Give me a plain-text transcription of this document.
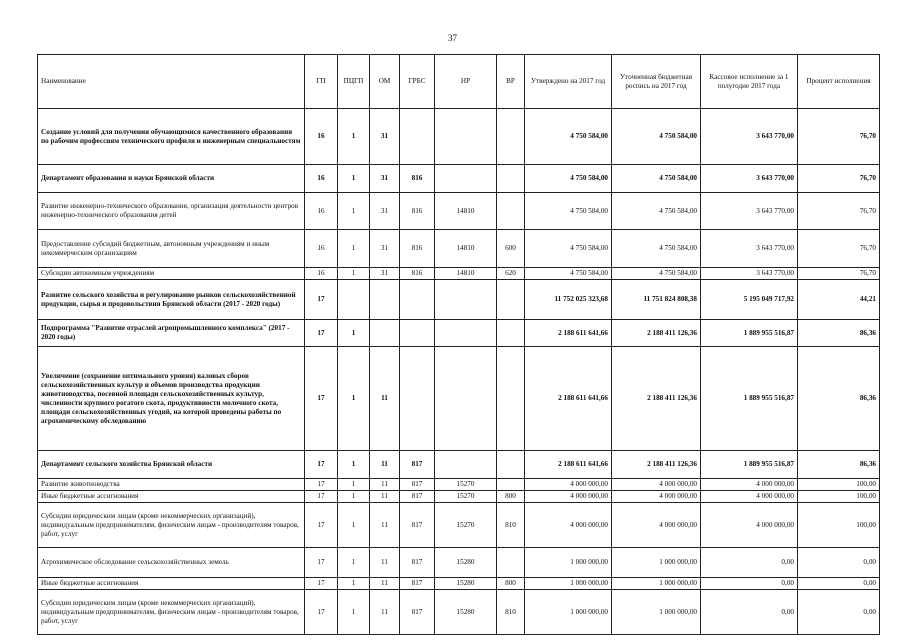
37
Наименование	ГП	ПЦГП	ОМ	ГРБС	НР	ВР	Утверждено на 2017 год	Уточненная бюджетная роспись на 2017 год	Кассовое исполнение за 1 полугодие 2017 года	Процент исполнения
Создание условий для получения обучающимися качественного образования по рабочим профессиям технического профиля и инженерным специальностям	16	1	31				4 750 584,00	4 750 584,00	3 643 770,00	76,70
Департамент образования и науки Брянской области	16	1	31	816			4 750 584,00	4 750 584,00	3 643 770,00	76,70
Развитие инженерно-технического образования, организация деятельности центров инженерно-технического образования детей	16	1	31	816	14810		4 750 584,00	4 750 584,00	3 643 770,00	76,70
Предоставление субсидий бюджетным, автономным учреждениям и иным некоммерческим организациям	16	1	31	816	14810	600	4 750 584,00	4 750 584,00	3 643 770,00	76,70
Субсидии автономным учреждениям	16	1	31	816	14810	620	4 750 584,00	4 750 584,00	3 643 770,00	76,70
Развитие сельского хозяйства и регулирование рынков сельскохозяйственной продукции, сырья и продовольствия Брянской области (2017 - 2020 годы)	17						11 752 025 323,68	11 751 824 808,38	5 195 049 717,92	44,21
Подпрограмма "Развитие отраслей агропромышленного комплекса" (2017 - 2020 годы)	17	1					2 188 611 641,66	2 188 411 126,36	1 889 955 516,87	86,36
Увеличение (сохранение оптимального уровня) валовых сборов сельскохозяйственных культур и объемов производства продукции животноводства, посевной площади сельскохозяйственных культур, численности крупного рогатого скота, продуктивности молочного скота, площади сельскохозяйственных угодий, на которой проведены работы по агрохимическому обследованию	17	1	11				2 188 611 641,66	2 188 411 126,36	1 889 955 516,87	86,36
Департамент сельского хозяйства Брянской области	17	1	11	817			2 188 611 641,66	2 188 411 126,36	1 889 955 516,87	86,36
Развитие животноводства	17	1	11	817	15270		4 000 000,00	4 000 000,00	4 000 000,00	100,00
Иные бюджетные ассигнования	17	1	11	817	15270	800	4 000 000,00	4 000 000,00	4 000 000,00	100,00
Субсидии юридическим лицам (кроме некоммерческих организаций), индивидуальным предпринимателям, физическим лицам - производителям товаров, работ, услуг	17	1	11	817	15270	810	4 000 000,00	4 000 000,00	4 000 000,00	100,00
Агрохимическое обследование сельскохозяйственных земель	17	1	11	817	15280		1 000 000,00	1 000 000,00	0,00	0,00
Иные бюджетные ассигнования	17	1	11	817	15280	800	1 000 000,00	1 000 000,00	0,00	0,00
Субсидии юридическим лицам (кроме некоммерческих организаций), индивидуальным предпринимателям, физическим лицам - производителям товаров, работ, услуг	17	1	11	817	15280	810	1 000 000,00	1 000 000,00	0,00	0,00
